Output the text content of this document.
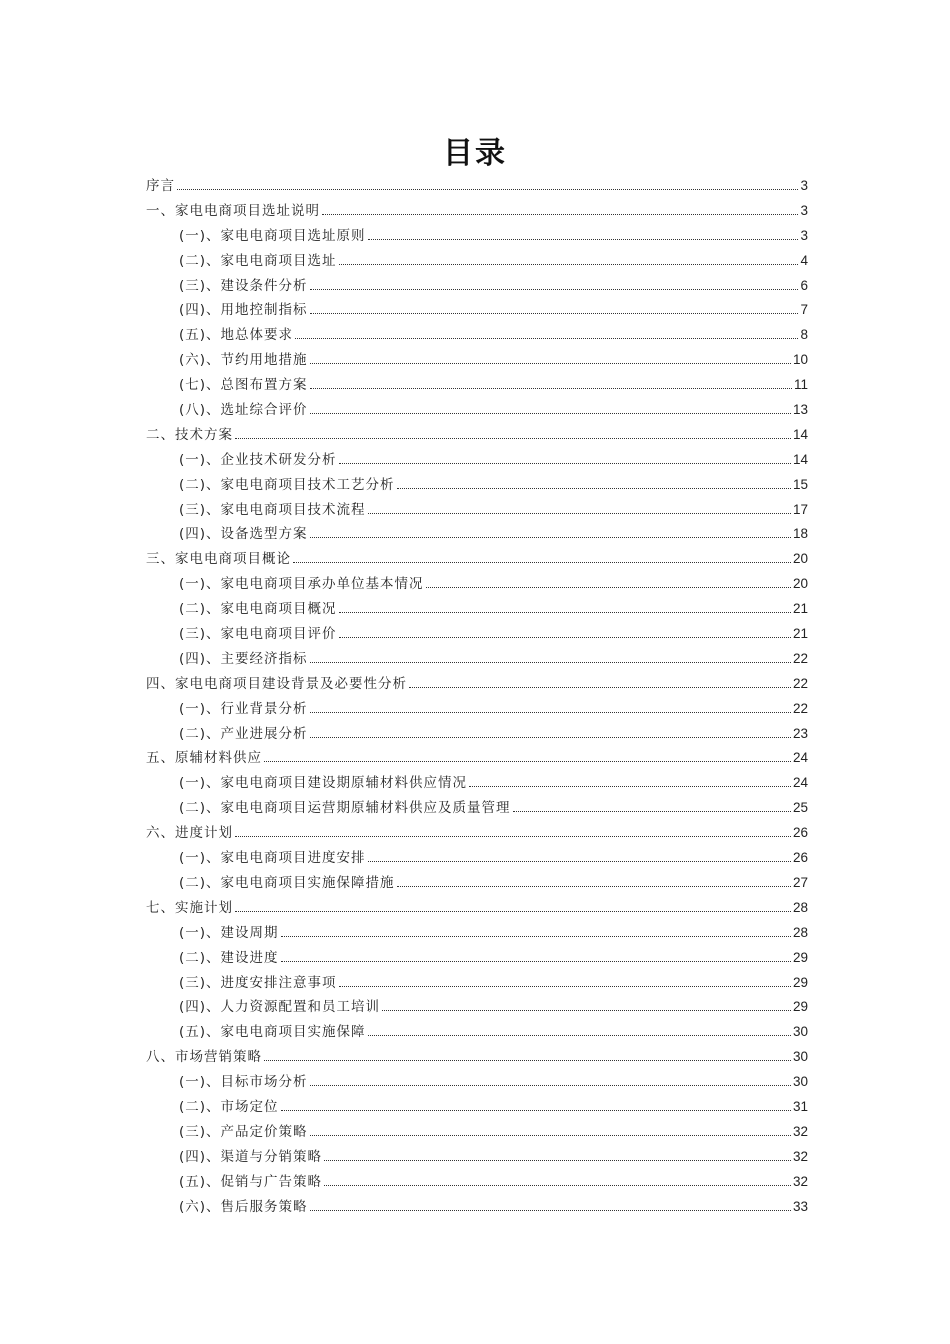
目录
序言	3
一、家电电商项目选址说明	3
(一)、家电电商项目选址原则	3
(二)、家电电商项目选址	4
(三)、建设条件分析	6
(四)、用地控制指标	7
(五)、地总体要求	8
(六)、节约用地措施	10
(七)、总图布置方案	11
(八)、选址综合评价	13
二、技术方案	14
(一)、企业技术研发分析	14
(二)、家电电商项目技术工艺分析	15
(三)、家电电商项目技术流程	17
(四)、设备选型方案	18
三、家电电商项目概论	20
(一)、家电电商项目承办单位基本情况	20
(二)、家电电商项目概况	21
(三)、家电电商项目评价	21
(四)、主要经济指标	22
四、家电电商项目建设背景及必要性分析	22
(一)、行业背景分析	22
(二)、产业进展分析	23
五、原辅材料供应	24
(一)、家电电商项目建设期原辅材料供应情况	24
(二)、家电电商项目运营期原辅材料供应及质量管理	25
六、进度计划	26
(一)、家电电商项目进度安排	26
(二)、家电电商项目实施保障措施	27
七、实施计划	28
(一)、建设周期	28
(二)、建设进度	29
(三)、进度安排注意事项	29
(四)、人力资源配置和员工培训	29
(五)、家电电商项目实施保障	30
八、市场营销策略	30
(一)、目标市场分析	30
(二)、市场定位	31
(三)、产品定价策略	32
(四)、渠道与分销策略	32
(五)、促销与广告策略	32
(六)、售后服务策略	33
